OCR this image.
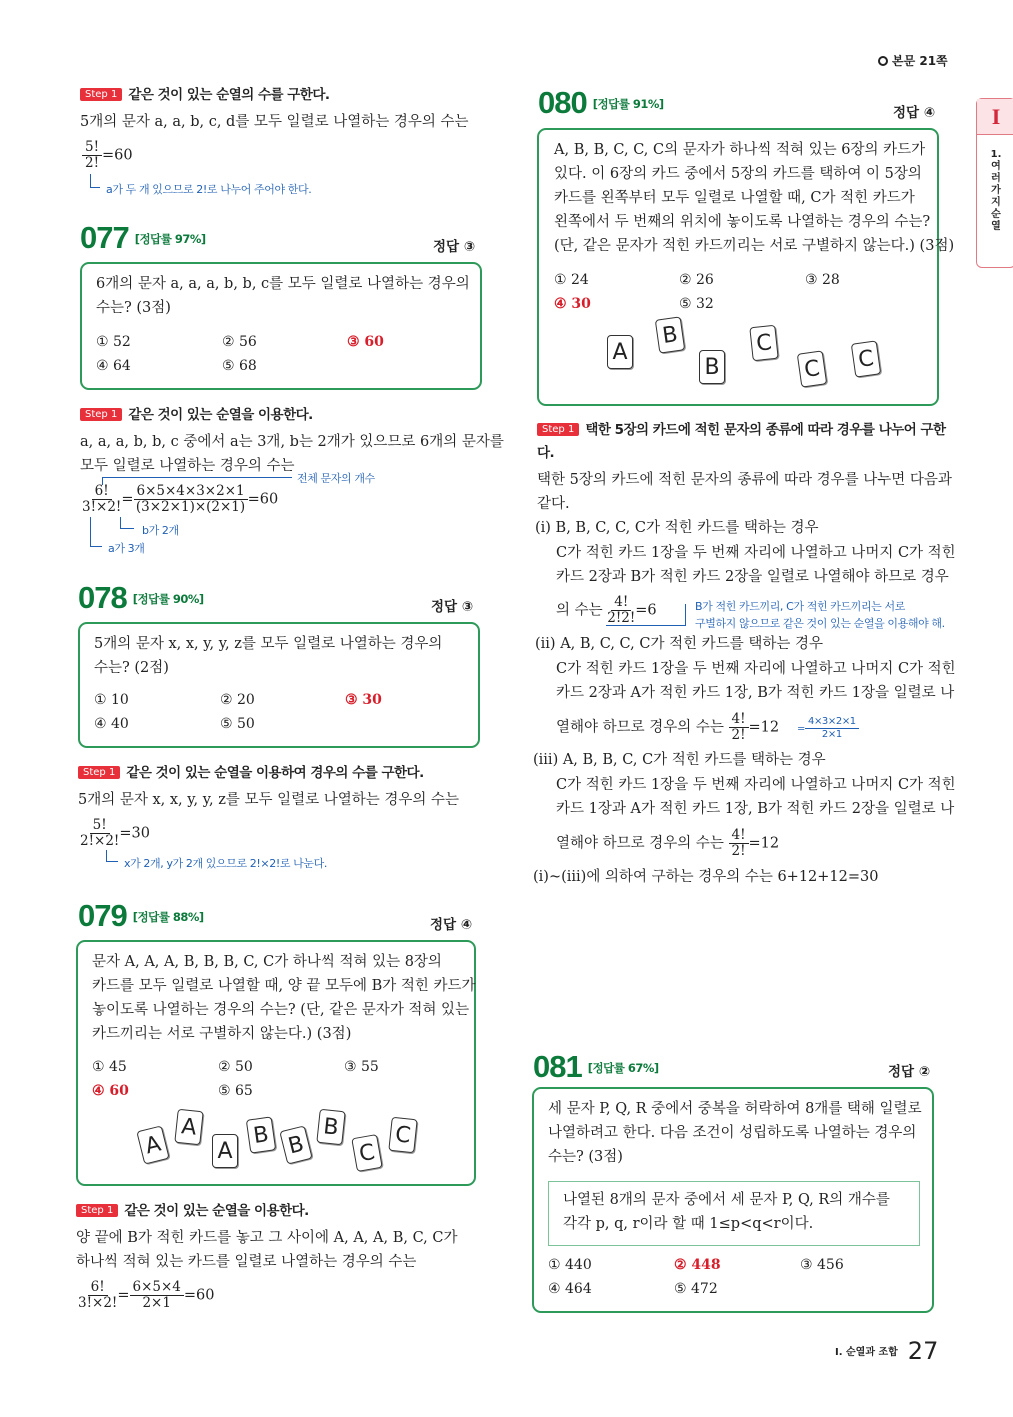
본문 21쪽
I
1. 여러 가지 순열
$^{I. 순열과 조합}$ 27
Step 1 같은 것이 있는 순열의 수를 구한다.
5개의 문자 a, a, b, c, d를 모두 일렬로 나열하는 경우의 수는
$\frac{5!}{2!} =60$
a가 두 개 있으므로 2!로 나누어 주어야 한다.
077 [정답률 97%]	정답 ③
6개의 문자 a, a, a, b, b, c를 모두 일렬로 나열하는 경우의
수는? (3점)
① 52	② 56	③ 60
④ 64	⑤ 68
Step 1 같은 것이 있는 순열을 이용한다.
a, a, a, b, b, c 중에서 a는 3개, b는 2개가 있으므로 6개의 문자를
모두 일렬로 나열하는 경우의 수는
전체 문자의 개수
$\frac{6!}{3!\times 2!} = \frac{6\times 5\times 4\times 3\times 2\times 1}{(3\times 2\times 1)\times(2\times 1)} =60$
b가 2개
a가 3개
078 [정답률 90%]	정답 ③
5개의 문자 x, x, y, y, z를 모두 일렬로 나열하는 경우의
수는? (2점)
① 10	② 20	③ 30
④ 40	⑤ 50
Step 1 같은 것이 있는 순열을 이용하여 경우의 수를 구한다.
5개의 문자 x, x, y, y, z를 모두 일렬로 나열하는 경우의 수는
$\frac{5!}{2!\times 2!} =30$
x가 2개, y가 2개 있으므로 2!×2!로 나눈다.
079 [정답률 88%]	정답 ④
문자 A, A, A, B, B, B, C, C가 하나씩 적혀 있는 8장의
카드를 모두 일렬로 나열할 때, 양 끝 모두에 B가 적힌 카드가
놓이도록 나열하는 경우의 수는? (단, 같은 문자가 적혀 있는
카드끼리는 서로 구별하지 않는다.) (3점)
① 45	② 50	③ 55
④ 60	⑤ 65
A
A
A
B B
B
C
C
Step 1 같은 것이 있는 순열을 이용한다.
양 끝에 B가 적힌 카드를 놓고 그 사이에 A, A, A, B, C, C가
하나씩 적혀 있는 카드를 일렬로 나열하는 경우의 수는
$\frac{6!}{3!\times 2!} = \frac{6\times 5\times 4}{2\times 1} =60$
080 [정답률 91%]
정답 ④
A, B, B, C, C, C의 문자가 하나씩 적혀 있는 6장의 카드가
있다. 이 6장의 카드 중에서 5장의 카드를 택하여 이 5장의
카드를 왼쪽부터 모두 일렬로 나열할 때, C가 적힌 카드가
왼쪽에서 두 번째의 위치에 놓이도록 나열하는 경우의 수는?
(단, 같은 문자가 적힌 카드끼리는 서로 구별하지 않는다.) (3점)
① 24	② 26	③ 28
④ 30	⑤ 32
A
B
B
C
C C
Step 1 택한 5장의 카드에 적힌 문자의 종류에 따라 경우를 나누어 구한
다.
택한 5장의 카드에 적힌 문자의 종류에 따라 경우를 나누면 다음과
같다.
(i) B, B, C, C, C가 적힌 카드를 택하는 경우
C가 적힌 카드 1장을 두 번째 자리에 나열하고 나머지 C가 적힌
카드 2장과 B가 적힌 카드 2장을 일렬로 나열해야 하므로 경우
의 수는 $\frac{4!}{2!2!} =6$	B가 적힌 카드끼리, C가 적힌 카드끼리는 서로
구별하지 않으므로 같은 것이 있는 순열을 이용해야 해.
(ii) A, B, C, C, C가 적힌 카드를 택하는 경우
C가 적힌 카드 1장을 두 번째 자리에 나열하고 나머지 C가 적힌
카드 2장과 A가 적힌 카드 1장, B가 적힌 카드 1장을 일렬로 나
열해야 하므로 경우의 수는 $\frac{4!}{2!} =12 = \frac{4\times 3\times 2\times 1}{2\times 1}$
(iii) A, B, B, C, C가 적힌 카드를 택하는 경우
C가 적힌 카드 1장을 두 번째 자리에 나열하고 나머지 C가 적힌
카드 1장과 A가 적힌 카드 1장, B가 적힌 카드 2장을 일렬로 나
열해야 하므로 경우의 수는 $\frac{4!}{2!} =12$
(i)~(iii)에 의하여 구하는 경우의 수는 6+12+12=30
081 [정답률 67%]	정답 ②
세 문자 P, Q, R 중에서 중복을 허락하여 8개를 택해 일렬로
나열하려고 한다. 다음 조건이 성립하도록 나열하는 경우의
수는? (3점)
나열된 8개의 문자 중에서 세 문자 P, Q, R의 개수를
각각 p, q, r이라 할 때 1≤p<q<r이다.
① 440	② 448	③ 456
④ 464	⑤ 472
